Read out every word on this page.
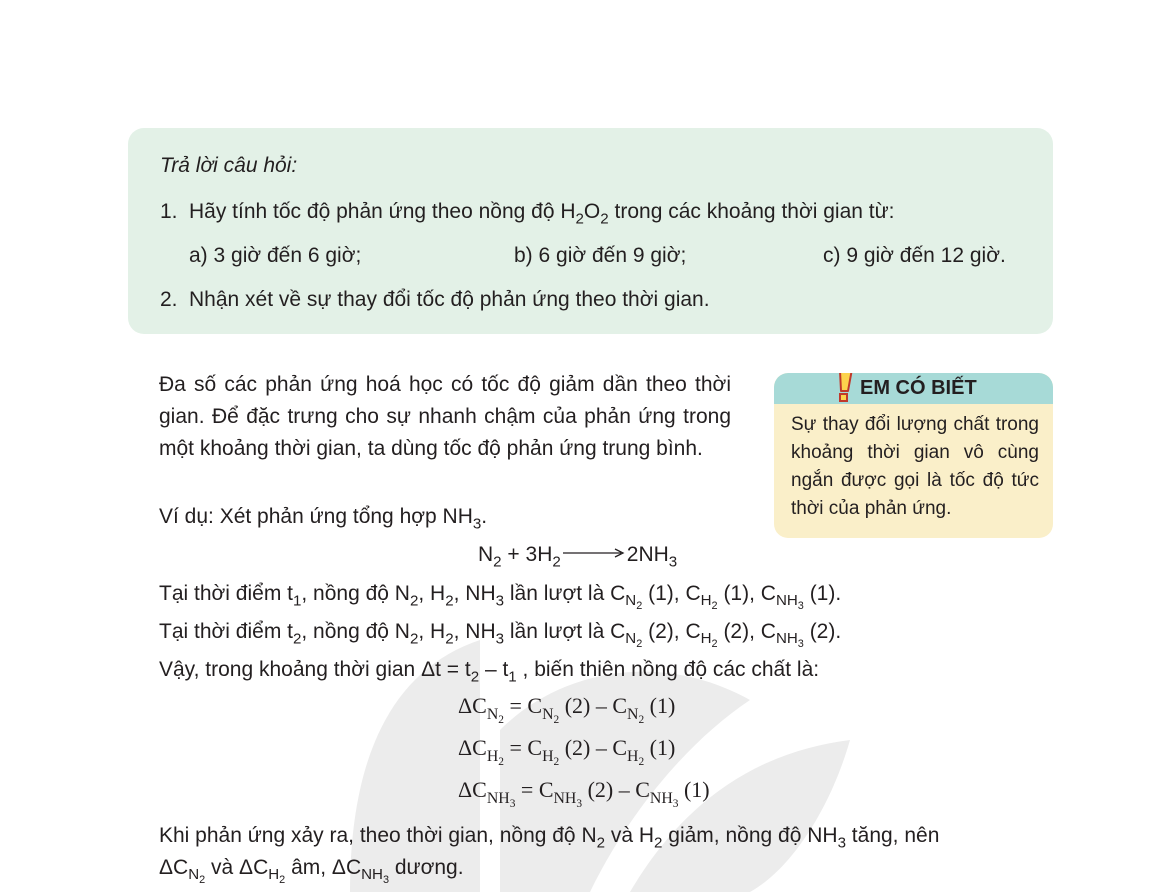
Trả lời câu hỏi:
1. Hãy tính tốc độ phản ứng theo nồng độ $H_2O_2$ trong các khoảng thời gian từ:
a) 3 giờ đến 6 giờ;	b) 6 giờ đến 9 giờ;	c) 9 giờ đến 12 giờ.
2. Nhận xét về sự thay đổi tốc độ phản ứng theo thời gian.
Đa số các phản ứng hoá học có tốc độ giảm dần theo thời gian. Để đặc trưng cho sự nhanh chậm của phản ứng trong một khoảng thời gian, ta dùng tốc độ phản ứng trung bình.
Ví dụ: Xét phản ứng tổng hợp $NH_3$.
$N_2 + 3H_2 \to 2NH_3$
EM CÓ BIẾT
Sự thay đổi lượng chất trong khoảng thời gian vô cùng ngắn được gọi là tốc độ tức thời của phản ứng.
Tại thời điểm $t_1$, nồng độ $N_2$, $H_2$, $NH_3$ lần lượt là $C_{N_2}$ (1), $C_{H_2}$ (1), $C_{NH_3}$ (1).
Tại thời điểm $t_2$, nồng độ $N_2$, $H_2$, $NH_3$ lần lượt là $C_{N_2}$ (2), $C_{H_2}$ (2), $C_{NH_3}$ (2).
Vậy, trong khoảng thời gian $\Delta t = t_2 - t_1$ , biến thiên nồng độ các chất là:
$\Delta C_{N_2} = C_{N_2}$ $(2) - C_{N_2}$ (1)
$\Delta C_{H_2} = C_{H_2}$ $(2) - C_{H_2}$ (1)
$\Delta C_{NH_3} = C_{NH_3}$ $(2) - C_{NH_3}$ (1)
Khi phản ứng xảy ra, theo thời gian, nồng độ $N_2$ và $H_2$ giảm, nồng độ $NH_3$ tăng, nên
$\Delta C_{N_2}$ và $\Delta C_{H_2}$ âm, $\Delta C_{NH_3}$ dương.
